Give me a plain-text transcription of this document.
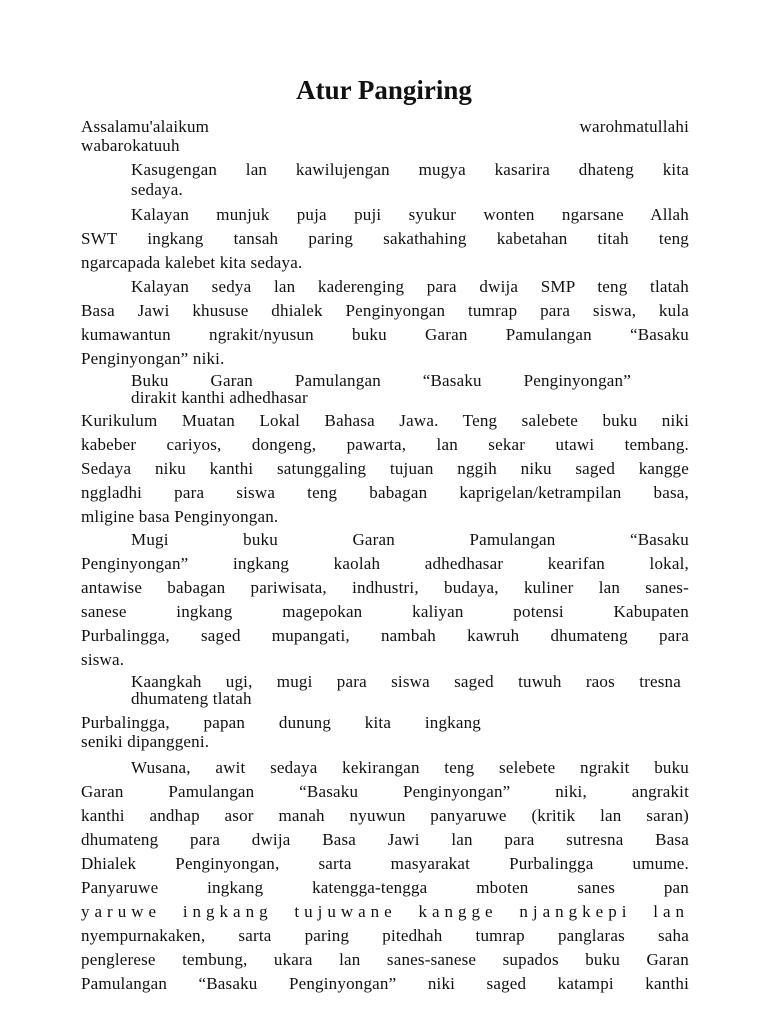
Atur Pangiring
Assalamu'alaikum warohmatullahi
wabarokatuuh
Kasugengan lan kawilujengan mugya kasarira dhateng kita
sedaya.
Kalayan munjuk puja puji syukur wonten ngarsane Allah
SWT ingkang tansah paring sakathahing kabetahan titah teng
ngarcapada kalebet kita sedaya.
Kalayan sedya lan kaderenging para dwija SMP teng tlatah
Basa Jawi khususe dhialek Penginyongan tumrap para siswa, kula
kumawantun ngrakit/nyusun buku Garan Pamulangan “Basaku
Penginyongan” niki.
Buku Garan Pamulangan “Basaku Penginyongan”
dirakit kanthi adhedhasar
Kurikulum Muatan Lokal Bahasa Jawa. Teng salebete buku niki
kabeber cariyos, dongeng, pawarta, lan sekar utawi tembang.
Sedaya niku kanthi satunggaling tujuan nggih niku saged kangge
nggladhi para siswa teng babagan kaprigelan/ketrampilan basa,
mligine basa Penginyongan.
Mugi buku Garan Pamulangan “Basaku
Penginyongan” ingkang kaolah adhedhasar kearifan lokal,
antawise babagan pariwisata, indhustri, budaya, kuliner lan sanes-
sanese ingkang magepokan kaliyan potensi Kabupaten
Purbalingga, saged mupangati, nambah kawruh dhumateng para
siswa.
Kaangkah ugi, mugi para siswa saged tuwuh raos tresna
dhumateng tlatah
Purbalingga, papan dunung kita ingkang
seniki dipanggeni.
Wusana, awit sedaya kekirangan teng selebete ngrakit buku
Garan Pamulangan “Basaku Penginyongan” niki, angrakit
kanthi andhap asor manah nyuwun panyaruwe (kritik lan saran)
dhumateng para dwija Basa Jawi lan para sutresna Basa
Dhialek Penginyongan, sarta masyarakat Purbalingga umume.
Panyaruwe ingkang katengga-tengga mboten sanes pan
yaruwe ingkang tujuwane kangge njangkepi lan
nyempurnakaken, sarta paring pitedhah tumrap panglaras saha
penglerese tembung, ukara lan sanes-sanese supados buku Garan
Pamulangan “Basaku Penginyongan” niki saged katampi kanthi
